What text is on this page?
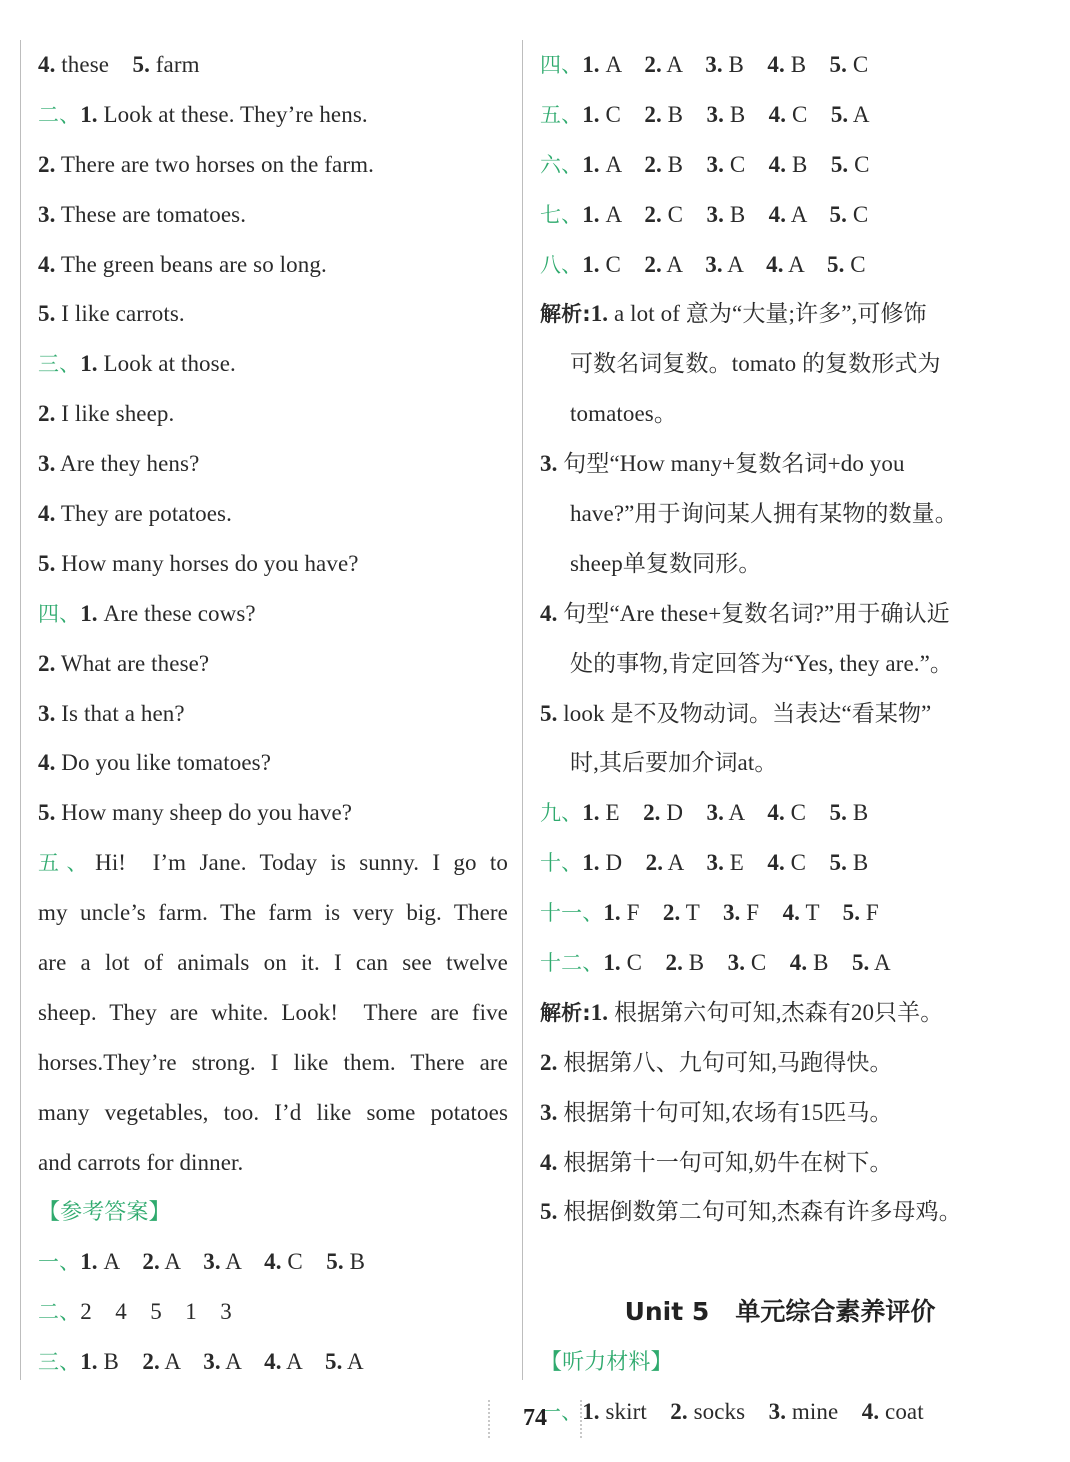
4. these    5. farm
二、1. Look at these. They’re hens.
2. There are two horses on the farm.
3. These are tomatoes.
4. The green beans are so long.
5. I like carrots.
三、1. Look at those.
2. I like sheep.
3. Are they hens?
4. They are potatoes.
5. How many horses do you have?
四、1. Are these cows?
2. What are these?
3. Is that a hen?
4. Do you like tomatoes?
5. How many sheep do you have?
五、Hi!  I’m Jane. Today is sunny. I go to
my uncle’s farm. The farm is very big. There
are a lot of animals on it. I can see twelve
sheep. They are white. Look!  There are five
horses.They’re strong. I like them. There are
many vegetables, too. I’d like some potatoes
and carrots for dinner.
【参考答案】
一、1. A    2. A    3. A    4. C    5. B
二、2    4    5    1    3
三、1. B    2. A    3. A    4. A    5. A
四、1. A    2. A    3. B    4. B    5. C
五、1. C    2. B    3. B    4. C    5. A
六、1. A    2. B    3. C    4. B    5. C
七、1. A    2. C    3. B    4. A    5. C
八、1. C    2. A    3. A    4. A    5. C
解析:1. a lot of 意为“大量;许多”,可修饰
可数名词复数。tomato 的复数形式为
tomatoes。
3. 句型“How many+复数名词+do you
have?”用于询问某人拥有某物的数量。
sheep单复数同形。
4. 句型“Are these+复数名词?”用于确认近
处的事物,肯定回答为“Yes, they are.”。
5. look 是不及物动词。当表达“看某物”
时,其后要加介词at。
九、1. E    2. D    3. A    4. C    5. B
十、1. D    2. A    3. E    4. C    5. B
十一、1. F    2. T    3. F    4. T    5. F
十二、1. C    2. B    3. C    4. B    5. A
解析:1. 根据第六句可知,杰森有20只羊。
2. 根据第八、九句可知,马跑得快。
3. 根据第十句可知,农场有15匹马。
4. 根据第十一句可知,奶牛在树下。
5. 根据倒数第二句可知,杰森有许多母鸡。
Unit 5   单元综合素养评价
【听力材料】
一、1. skirt    2. socks    3. mine    4. coat
74
